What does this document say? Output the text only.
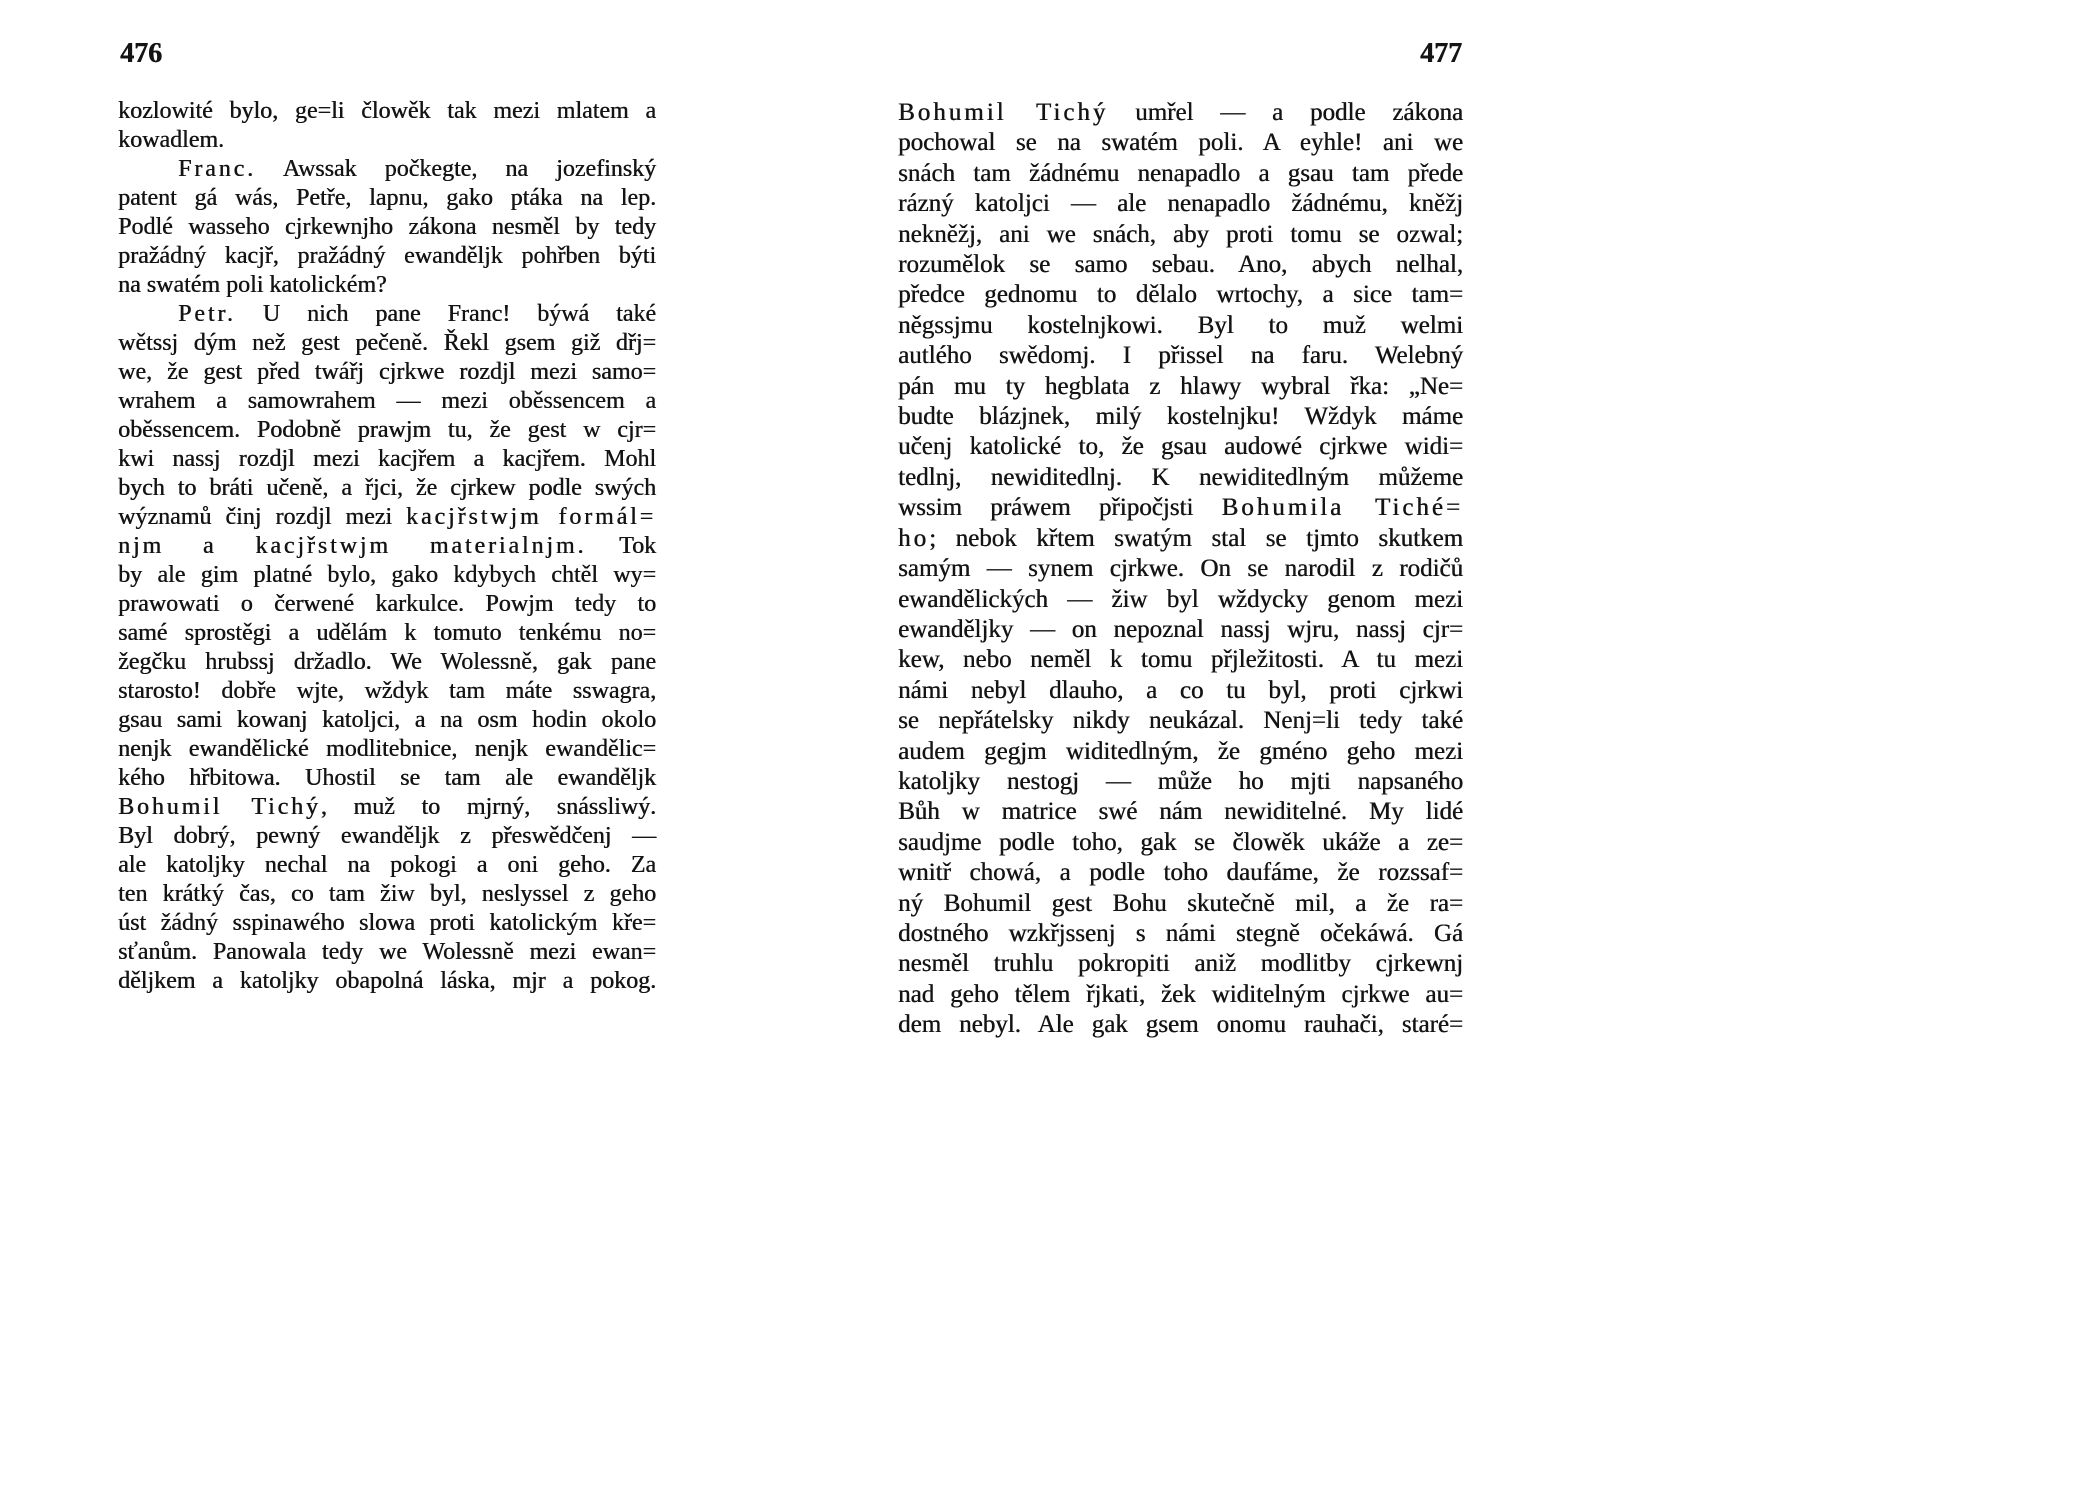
476
kozlowité bylo, ge=li člowěk tak mezi mlatem a
kowadlem.
Franc. Awssak počkegte, na jozefinský
patent gá wás, Petře, lapnu, gako ptáka na lep.
Podlé wasseho cjrkewnjho zákona nesměl by tedy
pražádný kacjř, pražádný ewanděljk pohřben býti
na swatém poli katolickém?
Petr. U nich pane Franc! býwá také
wětssj dým než gest pečeně. Řekl gsem giž dřj=
we, že gest před twářj cjrkwe rozdjl mezi samo=
wrahem a samowrahem — mezi oběssencem a
oběssencem. Podobně prawjm tu, že gest w cjr=
kwi nassj rozdjl mezi kacjřem a kacjřem. Mohl
bych to bráti učeně, a řjci, že cjrkew podle swých
wýznamů činj rozdjl mezi kacjřstwjm formál=
njm a kacjřstwjm materialnjm. Tok
by ale gim platné bylo, gako kdybych chtěl wy=
prawowati o čerwené karkulce. Powjm tedy to
samé sprostěgi a udělám k tomuto tenkému no=
žegčku hrubssj držadlo. We Wolessně, gak pane
starosto! dobře wjte, wždyk tam máte sswagra,
gsau sami kowanj katoljci, a na osm hodin okolo
nenjk ewandělické modlitebnice, nenjk ewandělic=
kého hřbitowa. Uhostil se tam ale ewanděljk
Bohumil Tichý, muž to mjrný, snássliwý.
Byl dobrý, pewný ewanděljk z přeswědčenj —
ale katoljky nechal na pokogi a oni geho. Za
ten krátký čas, co tam žiw byl, neslyssel z geho
úst žádný sspinawého slowa proti katolickým kře=
sťanům. Panowala tedy we Wolessně mezi ewan=
děljkem a katoljky obapolná láska, mjr a pokog.
477
Bohumil Tichý umřel — a podle zákona
pochowal se na swatém poli. A eyhle! ani we
snách tam žádnému nenapadlo a gsau tam přede
rázný katoljci — ale nenapadlo žádnému, kněžj
nekněžj, ani we snách, aby proti tomu se ozwal;
rozumělok se samo sebau. Ano, abych nelhal,
předce gednomu to dělalo wrtochy, a sice tam=
něgssjmu kostelnjkowi. Byl to muž welmi
autlého swědomj. I přissel na faru. Welebný
pán mu ty hegblata z hlawy wybral řka: „Ne=
budte blázjnek, milý kostelnjku! Wždyk máme
učenj katolické to, že gsau audowé cjrkwe widi=
tedlnj, newiditedlnj. K newiditedlným můžeme
wssim práwem připočjsti Bohumila Tiché=
ho; nebok křtem swatým stal se tjmto skutkem
samým — synem cjrkwe. On se narodil z rodičů
ewandělických — žiw byl wždycky genom mezi
ewanděljky — on nepoznal nassj wjru, nassj cjr=
kew, nebo neměl k tomu přjležitosti. A tu mezi
námi nebyl dlauho, a co tu byl, proti cjrkwi
se nepřátelsky nikdy neukázal. Nenj=li tedy také
audem gegjm widitedlným, že gméno geho mezi
katoljky nestogj — může ho mjti napsaného
Bůh w matrice swé nám newiditelné. My lidé
saudjme podle toho, gak se člowěk ukáže a ze=
wnitř chowá, a podle toho daufáme, že rozssaf=
ný Bohumil gest Bohu skutečně mil, a že ra=
dostného wzkřjssenj s námi stegně očekáwá. Gá
nesměl truhlu pokropiti aniž modlitby cjrkewnj
nad geho tělem řjkati, žek widitelným cjrkwe au=
dem nebyl. Ale gak gsem onomu rauhači, staré=
